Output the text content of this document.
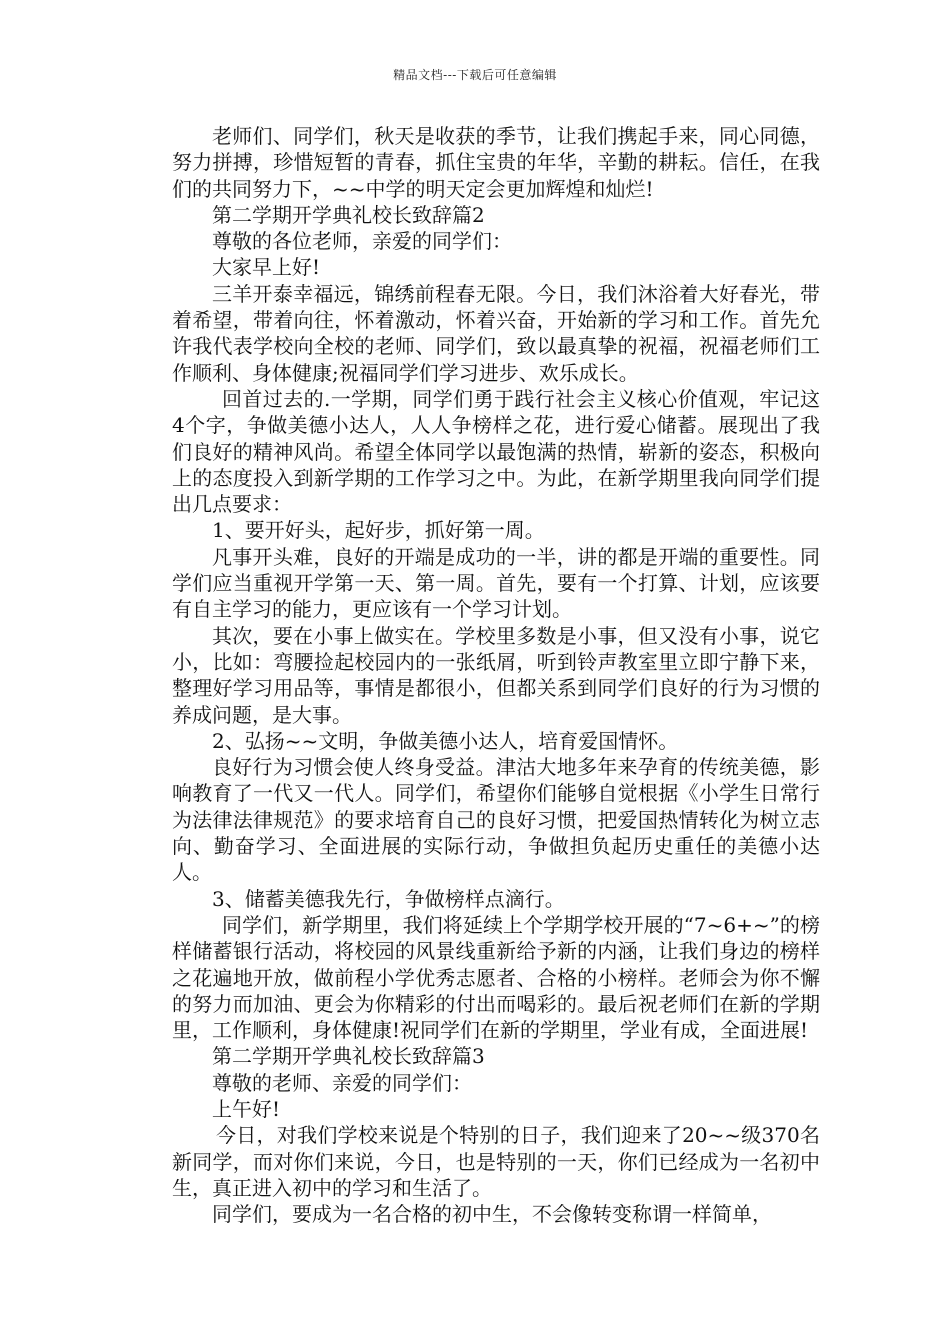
精品文档---下载后可任意编辑

老师们、同学们，秋天是收获的季节，让我们携起手来，同心同德，努力拼搏，珍惜短暂的青春，抓住宝贵的年华，辛勤的耕耘。信任，在我们的共同努力下，~~中学的明天定会更加辉煌和灿烂!

第二学期开学典礼校长致辞篇2

尊敬的各位老师，亲爱的同学们：

大家早上好!

三羊开泰幸福远，锦绣前程春无限。今日，我们沐浴着大好春光，带着希望，带着向往，怀着激动，怀着兴奋，开始新的学习和工作。首先允许我代表学校向全校的老师、同学们，致以最真挚的祝福，祝福老师们工作顺利、身体健康;祝福同学们学习进步、欢乐成长。

回首过去的.一学期，同学们勇于践行社会主义核心价值观，牢记这4个字，争做美德小达人，人人争榜样之花，进行爱心储蓄。展现出了我们良好的精神风尚。希望全体同学以最饱满的热情，崭新的姿态，积极向上的态度投入到新学期的工作学习之中。为此，在新学期里我向同学们提出几点要求：

1、要开好头，起好步，抓好第一周。

凡事开头难，良好的开端是成功的一半，讲的都是开端的重要性。同学们应当重视开学第一天、第一周。首先，要有一个打算、计划，应该要有自主学习的能力，更应该有一个学习计划。

其次，要在小事上做实在。学校里多数是小事，但又没有小事，说它小，比如：弯腰捡起校园内的一张纸屑，听到铃声教室里立即宁静下来，整理好学习用品等，事情是都很小，但都关系到同学们良好的行为习惯的养成问题，是大事。

2、弘扬~~文明，争做美德小达人，培育爱国情怀。

良好行为习惯会使人终身受益。津沽大地多年来孕育的传统美德，影响教育了一代又一代人。同学们，希望你们能够自觉根据《小学生日常行为法律法律规范》的要求培育自己的良好习惯，把爱国热情转化为树立志向、勤奋学习、全面进展的实际行动，争做担负起历史重任的美德小达人。

3、储蓄美德我先行，争做榜样点滴行。

同学们，新学期里，我们将延续上个学期学校开展的“7~6+~”的榜样储蓄银行活动，将校园的风景线重新给予新的内涵，让我们身边的榜样之花遍地开放，做前程小学优秀志愿者、合格的小榜样。老师会为你不懈的努力而加油、更会为你精彩的付出而喝彩的。最后祝老师们在新的学期里，工作顺利，身体健康!祝同学们在新的学期里，学业有成，全面进展!

第二学期开学典礼校长致辞篇3

尊敬的老师、亲爱的同学们：

上午好!

今日，对我们学校来说是个特别的日子，我们迎来了20~~级370名新同学，而对你们来说，今日，也是特别的一天，你们已经成为一名初中生，真正进入初中的学习和生活了。

同学们，要成为一名合格的初中生，不会像转变称谓一样简单，
